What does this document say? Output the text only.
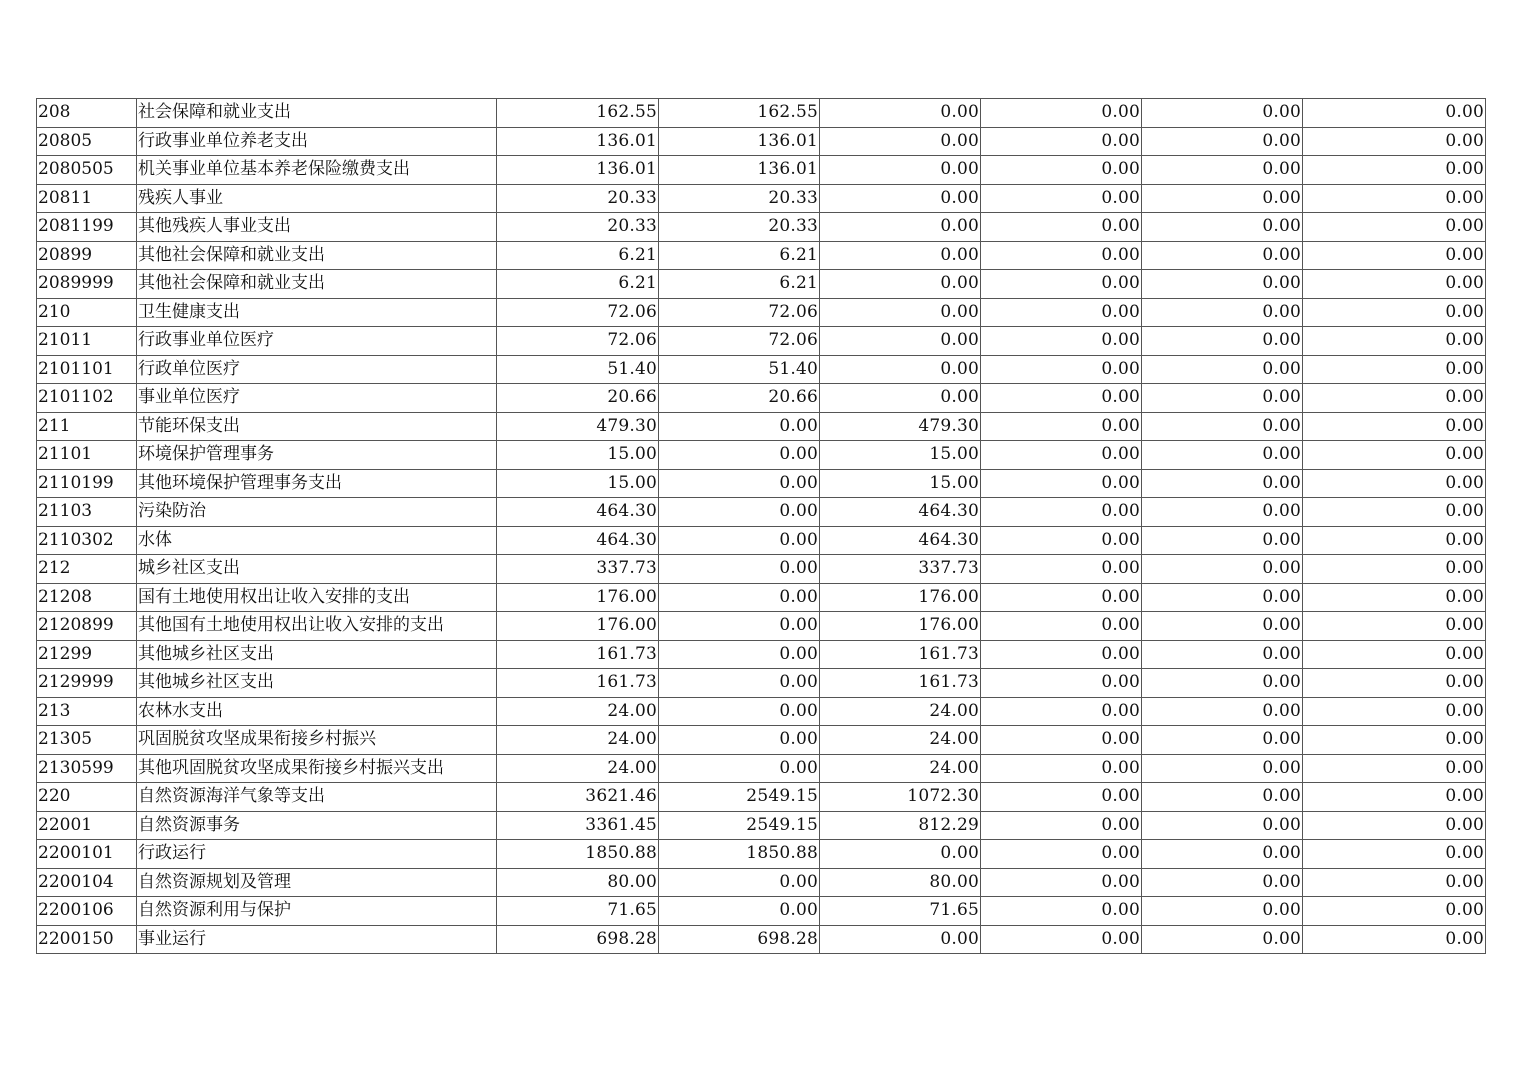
208	社会保障和就业支出	162.55	162.55	0.00	0.00	0.00	0.00
20805	行政事业单位养老支出	136.01	136.01	0.00	0.00	0.00	0.00
2080505	机关事业单位基本养老保险缴费支出	136.01	136.01	0.00	0.00	0.00	0.00
20811	残疾人事业	20.33	20.33	0.00	0.00	0.00	0.00
2081199	其他残疾人事业支出	20.33	20.33	0.00	0.00	0.00	0.00
20899	其他社会保障和就业支出	6.21	6.21	0.00	0.00	0.00	0.00
2089999	其他社会保障和就业支出	6.21	6.21	0.00	0.00	0.00	0.00
210	卫生健康支出	72.06	72.06	0.00	0.00	0.00	0.00
21011	行政事业单位医疗	72.06	72.06	0.00	0.00	0.00	0.00
2101101	行政单位医疗	51.40	51.40	0.00	0.00	0.00	0.00
2101102	事业单位医疗	20.66	20.66	0.00	0.00	0.00	0.00
211	节能环保支出	479.30	0.00	479.30	0.00	0.00	0.00
21101	环境保护管理事务	15.00	0.00	15.00	0.00	0.00	0.00
2110199	其他环境保护管理事务支出	15.00	0.00	15.00	0.00	0.00	0.00
21103	污染防治	464.30	0.00	464.30	0.00	0.00	0.00
2110302	水体	464.30	0.00	464.30	0.00	0.00	0.00
212	城乡社区支出	337.73	0.00	337.73	0.00	0.00	0.00
21208	国有土地使用权出让收入安排的支出	176.00	0.00	176.00	0.00	0.00	0.00
2120899	其他国有土地使用权出让收入安排的支出	176.00	0.00	176.00	0.00	0.00	0.00
21299	其他城乡社区支出	161.73	0.00	161.73	0.00	0.00	0.00
2129999	其他城乡社区支出	161.73	0.00	161.73	0.00	0.00	0.00
213	农林水支出	24.00	0.00	24.00	0.00	0.00	0.00
21305	巩固脱贫攻坚成果衔接乡村振兴	24.00	0.00	24.00	0.00	0.00	0.00
2130599	其他巩固脱贫攻坚成果衔接乡村振兴支出	24.00	0.00	24.00	0.00	0.00	0.00
220	自然资源海洋气象等支出	3621.46	2549.15	1072.30	0.00	0.00	0.00
22001	自然资源事务	3361.45	2549.15	812.29	0.00	0.00	0.00
2200101	行政运行	1850.88	1850.88	0.00	0.00	0.00	0.00
2200104	自然资源规划及管理	80.00	0.00	80.00	0.00	0.00	0.00
2200106	自然资源利用与保护	71.65	0.00	71.65	0.00	0.00	0.00
2200150	事业运行	698.28	698.28	0.00	0.00	0.00	0.00
